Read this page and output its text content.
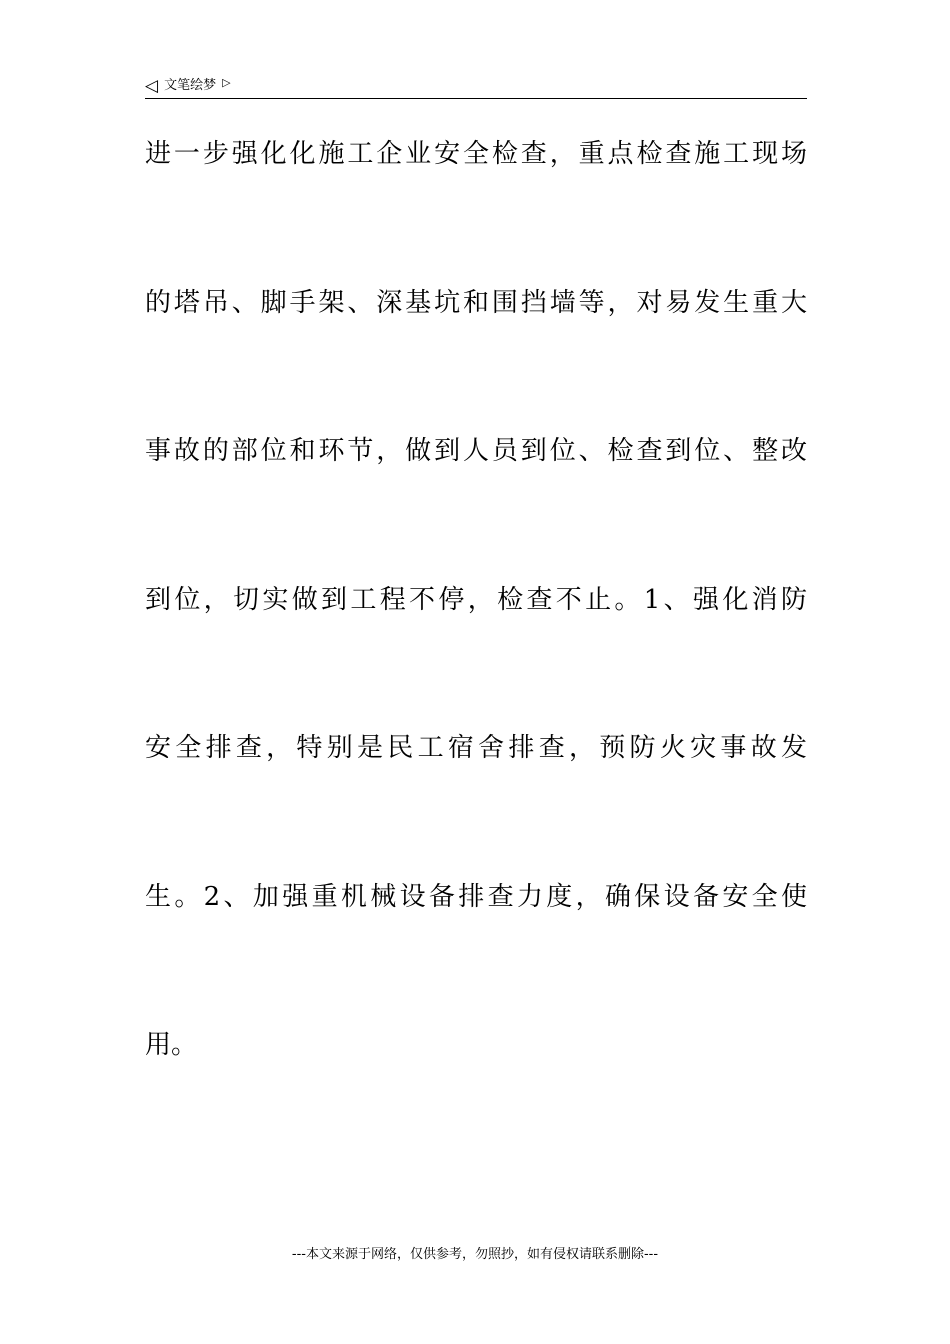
◁ 文笔绘梦 ▷
进一步强化化施工企业安全检查，重点检查施工现场
的塔吊、脚手架、深基坑和围挡墙等，对易发生重大
事故的部位和环节，做到人员到位、检查到位、整改
到位，切实做到工程不停，检查不止。1、强化消防
安全排查，特别是民工宿舍排查，预防火灾事故发
生。2、加强重机械设备排查力度，确保设备安全使
用。
---本文来源于网络，仅供参考，勿照抄，如有侵权请联系删除---
